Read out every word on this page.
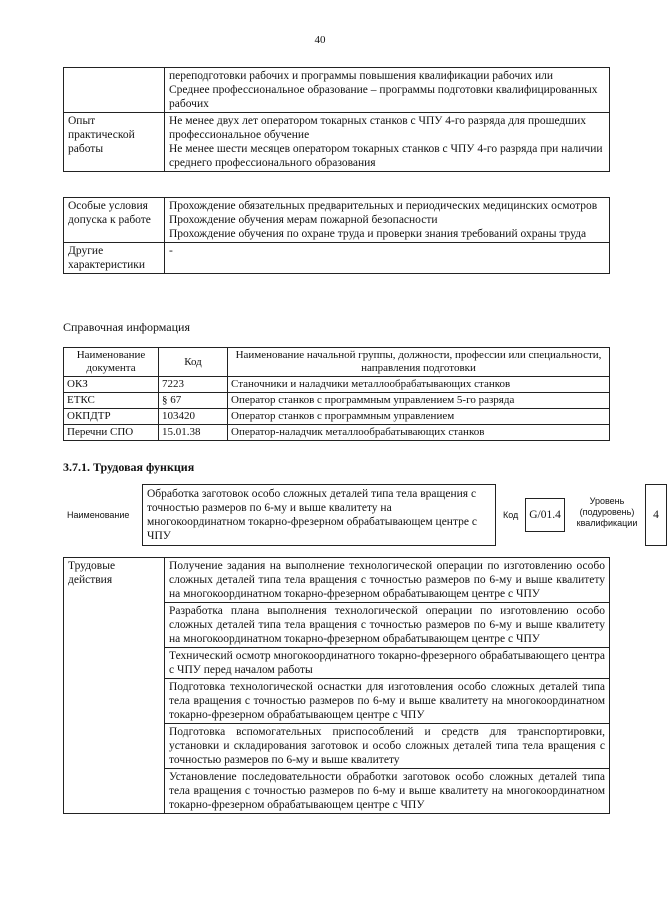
40

	переподготовки рабочих и программы повышения квалификации рабочих или
Среднее профессиональное образование – программы подготовки квалифицированных рабочих

Опыт практической работы	Не менее двух лет оператором токарных станков с ЧПУ 4-го разряда для прошедших профессиональное обучение
Не менее шести месяцев оператором токарных станков с ЧПУ 4-го разряда при наличии среднего профессионального образования
Особые условия допуска к работе	Прохождение обязательных предварительных и периодических медицинских осмотров
Прохождение обучения мерам пожарной безопасности
Прохождение обучения по охране труда и проверки знания требований охраны труда

Другие характеристики	-
Справочная информация
Наименование документа	Код	Наименование начальной группы, должности, профессии или специальности, направления подготовки
ОКЗ	7223	Станочники и наладчики металлообрабатывающих станков
ЕТКС	§ 67	Оператор станков с программным управлением 5-го разряда
ОКПДТР	103420	Оператор станков с программным управлением
Перечни СПО	15.01.38	Оператор-наладчик металлообрабатывающих станков
3.7.1. Трудовая функция
Наименование
Обработка заготовок особо сложных деталей типа тела вращения с точностью размеров по 6-му и выше квалитету на многокоординатном токарно-фрезерном обрабатывающем центре с ЧПУ
Код G/01.4
Уровень (подуровень) квалификации
4
Трудовые действия	Получение задания на выполнение технологической операции по изготовлению особо сложных деталей типа тела вращения с точностью размеров по 6-му и выше квалитету на многокоординатном токарно-фрезерном обрабатывающем центре с ЧПУ
Разработка плана выполнения технологической операции по изготовлению особо сложных деталей типа тела вращения с точностью размеров по 6-му и выше квалитету на многокоординатном токарно-фрезерном обрабатывающем центре с ЧПУ
Технический осмотр многокоординатного токарно-фрезерного обрабатывающего центра с ЧПУ перед началом работы
Подготовка технологической оснастки для изготовления особо сложных деталей типа тела вращения с точностью размеров по 6-му и выше квалитету на многокоординатном токарно-фрезерном обрабатывающем центре с ЧПУ
Подготовка вспомогательных приспособлений и средств для транспортировки, установки и складирования заготовок и особо сложных деталей типа тела вращения с точностью размеров по 6-му и выше квалитету
Установление последовательности обработки заготовок особо сложных деталей типа тела вращения с точностью размеров по 6-му и выше квалитету на многокоординатном токарно-фрезерном обрабатывающем центре с ЧПУ
